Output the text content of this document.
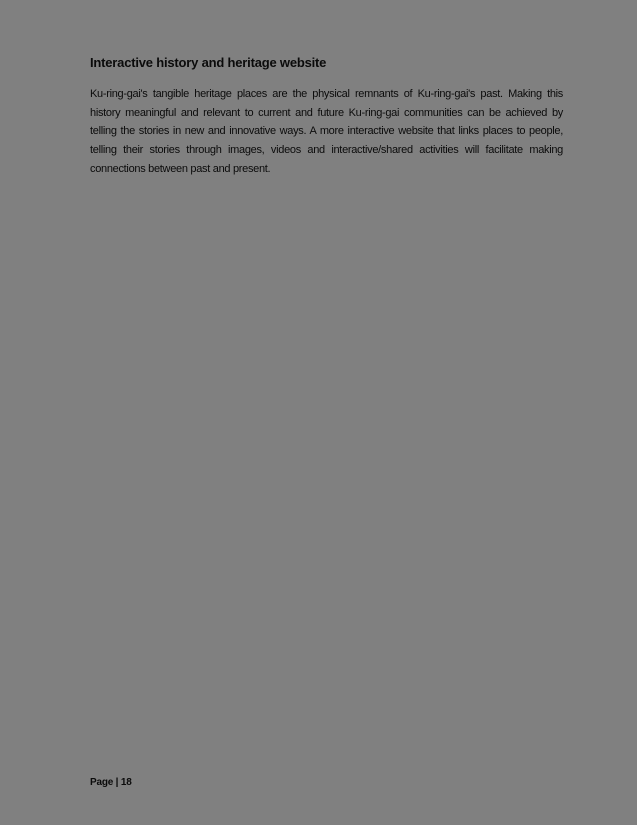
Interactive history and heritage website

Ku-ring-gai's tangible heritage places are the physical remnants of Ku-ring-gai's past. Making this history meaningful and relevant to current and future Ku-ring-gai communities can be achieved by telling the stories in new and innovative ways. A more interactive website that links places to people, telling their stories through images, videos and interactive/shared activities will facilitate making connections between past and present.

Page | 18
